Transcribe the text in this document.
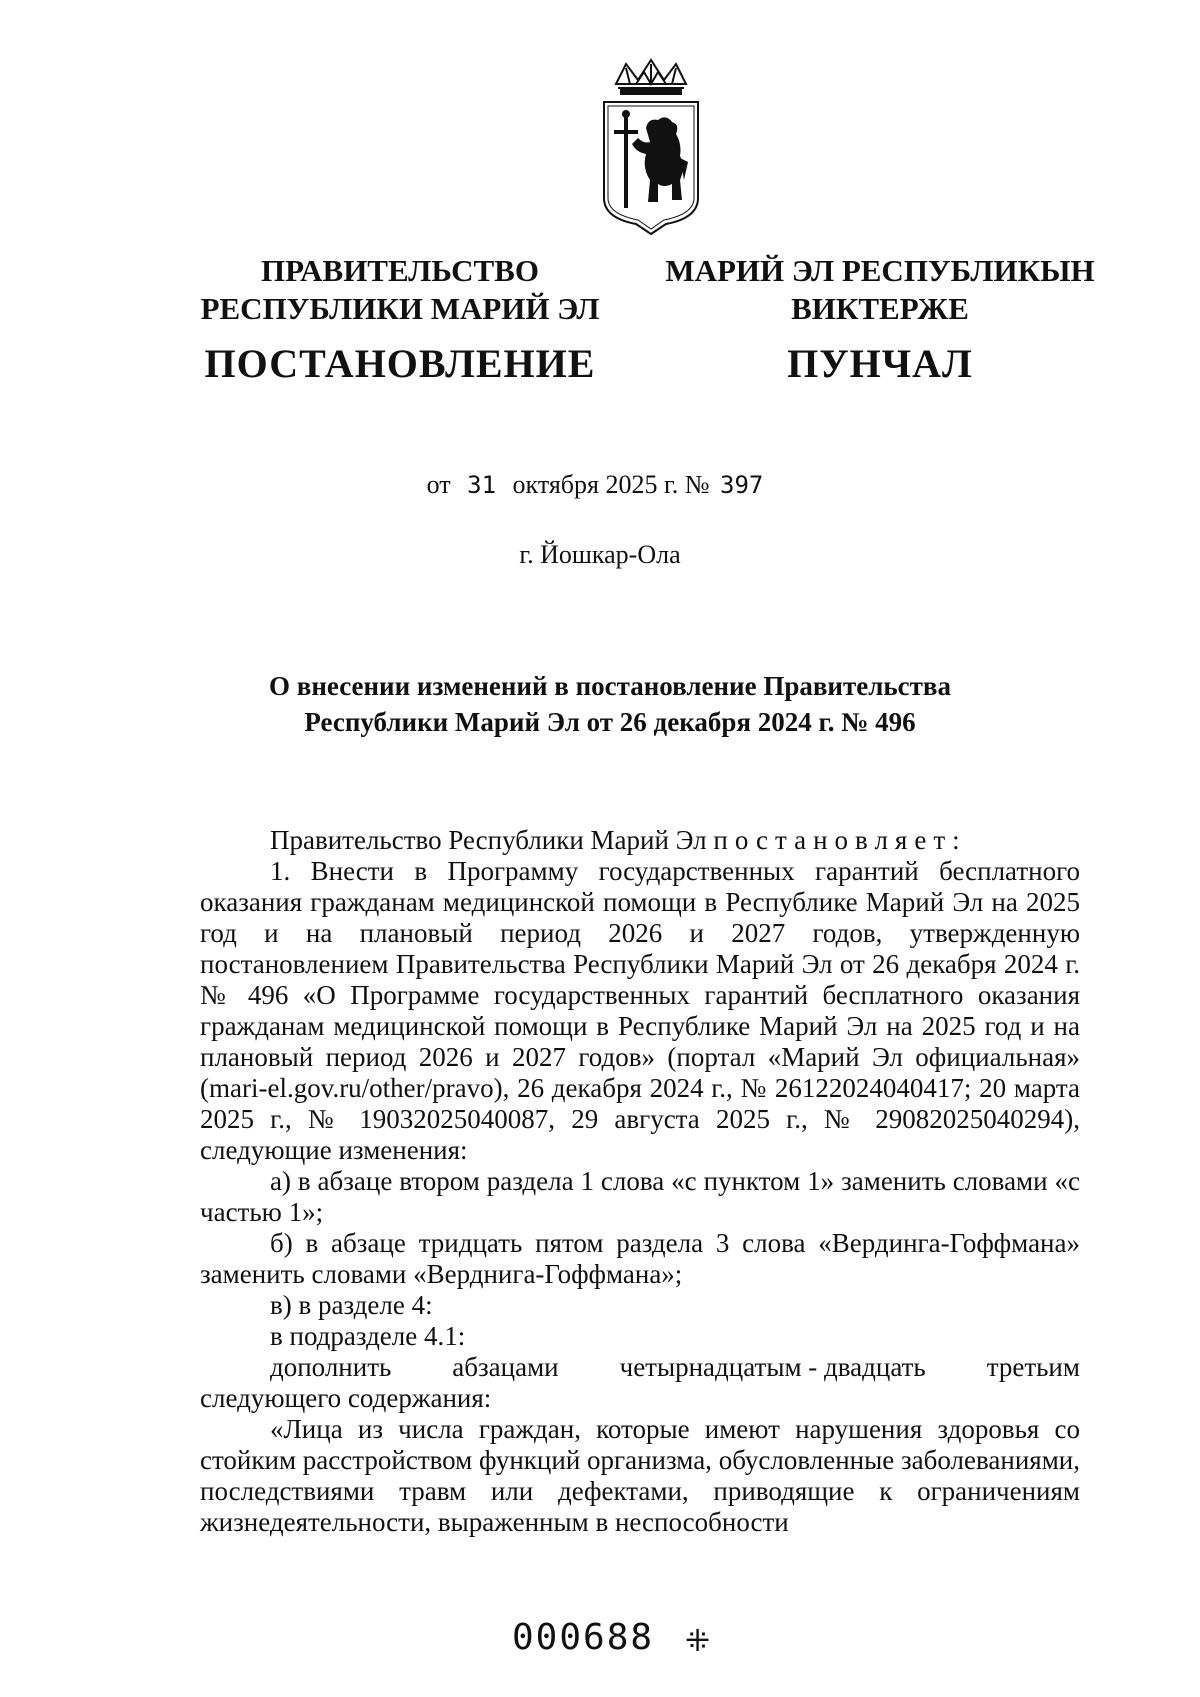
ПРАВИТЕЛЬСТВО
РЕСПУБЛИКИ МАРИЙ ЭЛ
ПОСТАНОВЛЕНИЕ
МАРИЙ ЭЛ РЕСПУБЛИКЫН
ВИКТЕРЖЕ
ПУНЧАЛ
от 31 октября 2025 г. № 397
г. Йошкар-Ола
О внесении изменений в постановление Правительства
Республики Марий Эл от 26 декабря 2024 г. № 496

Правительство Республики Марий Эл постановляет:

1. Внести в Программу государственных гарантий бесплатного оказания гражданам медицинской помощи в Республике Марий Эл на 2025 год и на плановый период 2026 и 2027 годов, утвержденную постановлением Правительства Республики Марий Эл от 26 декабря 2024 г. № 496 «О Программе государственных гарантий бесплатного оказания гражданам медицинской помощи в Республике Марий Эл на 2025 год и на плановый период 2026 и 2027 годов» (портал «Марий Эл официальная» (mari-el.gov.ru/other/pravo), 26 декабря 2024 г., № 26122024040417; 20 марта 2025 г., № 19032025040087, 29 августа 2025 г., № 29082025040294), следующие изменения:

а) в абзаце втором раздела 1 слова «с пунктом 1» заменить словами «с частью 1»;

б) в абзаце тридцать пятом раздела 3 слова «Вердинга-Гоффмана» заменить словами «Верднига-Гоффмана»;

в) в разделе 4:

в подразделе 4.1:

дополнить абзацами четырнадцатым - двадцать третьим

следующего содержания:

«Лица из числа граждан, которые имеют нарушения здоровья со стойким расстройством функций организма, обусловленные заболеваниями, последствиями травм или дефектами, приводящие к ограничениям жизнедеятельности, выраженным в неспособности

000688 ⁜
